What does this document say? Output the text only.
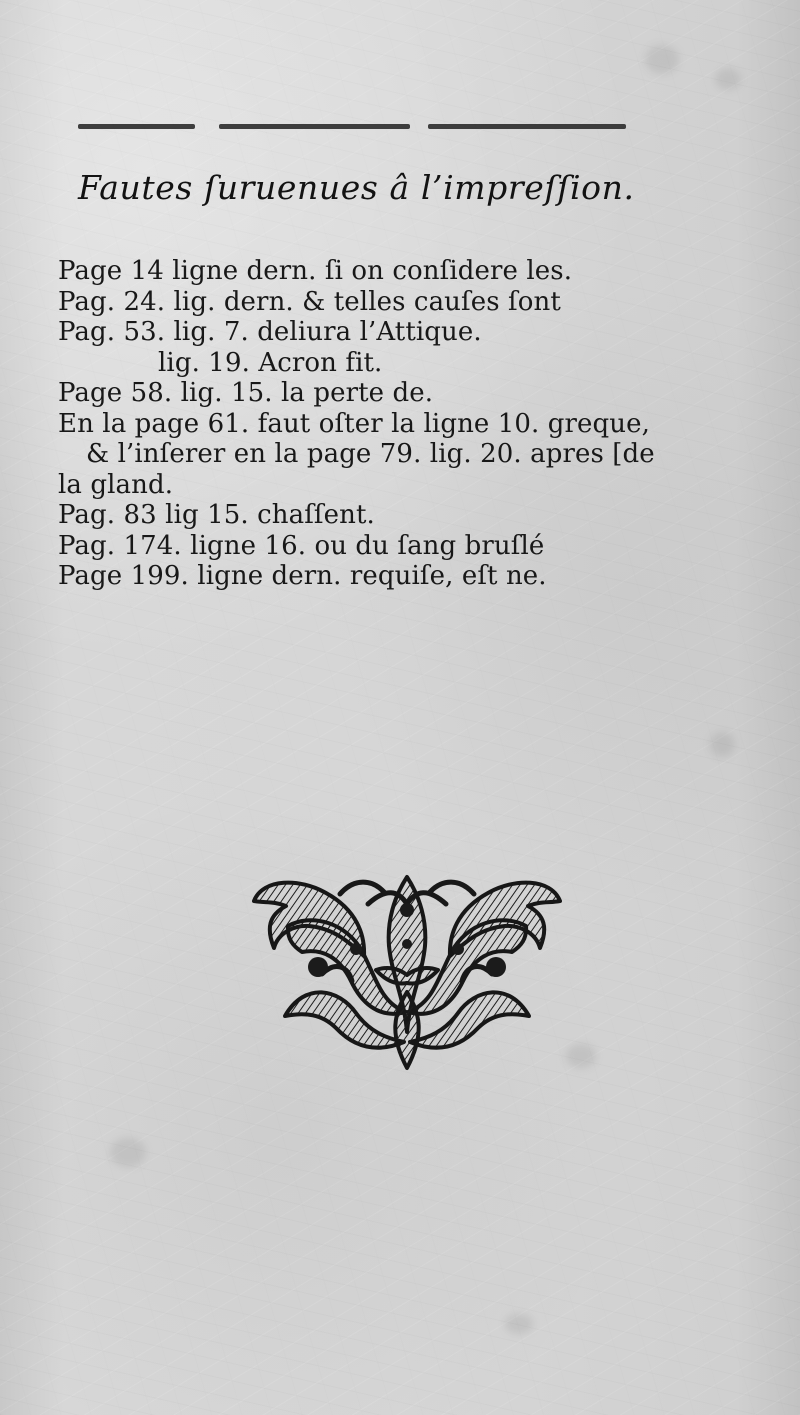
Fautes ſuruenues â l’impreſſion.
Page 14 ligne dern. ſi on conſidere les.
Pag. 24. lig. dern. & telles cauſes ſont
Pag. 53. lig. 7. deliura l’Attique.
lig. 19. Acron fit.
Page 58. lig. 15. la perte de.
En la page 61. faut oſter la ligne 10. greque,
& l’inſerer en la page 79. lig. 20. apres [de
la gland.
Pag. 83 lig 15. chaſſent.
Pag. 174. ligne 16. ou du ſang bruſlé
Page 199. ligne dern. requiſe, eſt ne.
